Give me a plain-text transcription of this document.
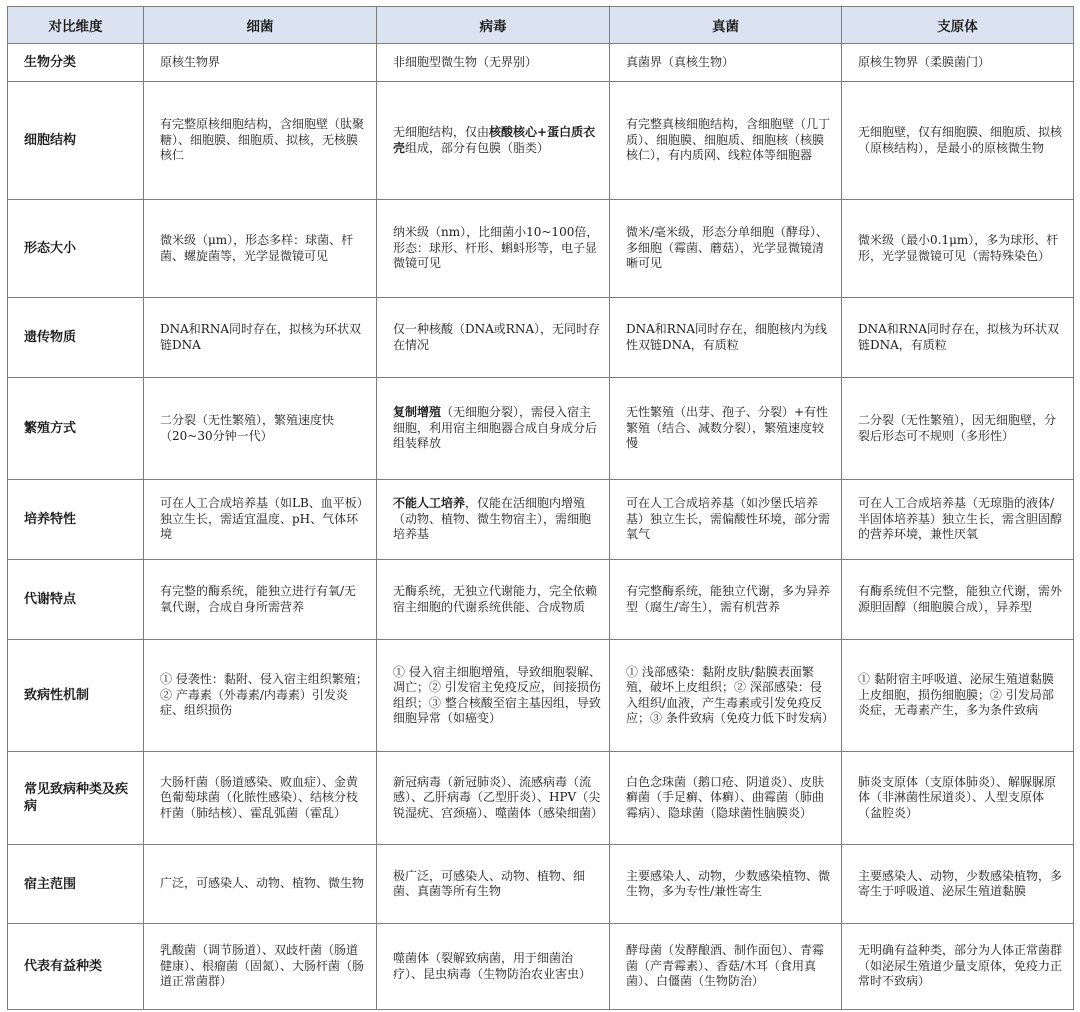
对比维度	细菌	病毒	真菌	支原体
生物分类	原核生物界	非细胞型微生物（无界别）	真菌界（真核生物）	原核生物界（柔膜菌门）
细胞结构	有完整原核细胞结构，含细胞壁（肽聚糖）、细胞膜、细胞质、拟核，无核膜核仁	无细胞结构，仅由核酸核心+蛋白质衣壳组成，部分有包膜（脂类）	有完整真核细胞结构，含细胞壁（几丁质）、细胞膜、细胞质、细胞核（核膜核仁），有内质网、线粒体等细胞器	无细胞壁，仅有细胞膜、细胞质、拟核（原核结构），是最小的原核微生物
形态大小	微米级（μm），形态多样：球菌、杆菌、螺旋菌等，光学显微镜可见	纳米级（nm），比细菌小10~100倍，形态：球形、杆形、蝌蚪形等，电子显微镜可见	微米/毫米级，形态分单细胞（酵母）、多细胞（霉菌、蘑菇），光学显微镜清晰可见	微米级（最小0.1μm），多为球形、杆形，光学显微镜可见（需特殊染色）
遗传物质	DNA和RNA同时存在，拟核为环状双链DNA	仅一种核酸（DNA或RNA），无同时存在情况	DNA和RNA同时存在，细胞核内为线性双链DNA，有质粒	DNA和RNA同时存在，拟核为环状双链DNA，有质粒
繁殖方式	二分裂（无性繁殖），繁殖速度快（20~30分钟一代）	复制增殖（无细胞分裂），需侵入宿主细胞，利用宿主细胞器合成自身成分后组装释放	无性繁殖（出芽、孢子、分裂）+有性繁殖（结合、减数分裂），繁殖速度较慢	二分裂（无性繁殖），因无细胞壁，分裂后形态可不规则（多形性）
培养特性	可在人工合成培养基（如LB、血平板）独立生长，需适宜温度、pH、气体环境	不能人工培养，仅能在活细胞内增殖（动物、植物、微生物宿主），需细胞培养基	可在人工合成培养基（如沙堡氏培养基）独立生长，需偏酸性环境，部分需氧气	可在人工合成培养基（无琼脂的液体/半固体培养基）独立生长，需含胆固醇的营养环境，兼性厌氧
代谢特点	有完整的酶系统，能独立进行有氧/无氧代谢，合成自身所需营养	无酶系统，无独立代谢能力，完全依赖宿主细胞的代谢系统供能、合成物质	有完整酶系统，能独立代谢，多为异养型（腐生/寄生），需有机营养	有酶系统但不完整，能独立代谢，需外源胆固醇（细胞膜合成），异养型
致病性机制	① 侵袭性：黏附、侵入宿主组织繁殖；② 产毒素（外毒素/内毒素）引发炎症、组织损伤	① 侵入宿主细胞增殖，导致细胞裂解、凋亡；② 引发宿主免疫反应，间接损伤组织；③ 整合核酸至宿主基因组，导致细胞异常（如癌变）	① 浅部感染：黏附皮肤/黏膜表面繁殖，破坏上皮组织；② 深部感染：侵入组织/血液，产生毒素或引发免疫反应；③ 条件致病（免疫力低下时发病）	① 黏附宿主呼吸道、泌尿生殖道黏膜上皮细胞，损伤细胞膜；② 引发局部炎症，无毒素产生，多为条件致病
常见致病种类及疾病	大肠杆菌（肠道感染、败血症）、金黄色葡萄球菌（化脓性感染）、结核分枝杆菌（肺结核）、霍乱弧菌（霍乱）	新冠病毒（新冠肺炎）、流感病毒（流感）、乙肝病毒（乙型肝炎）、HPV（尖锐湿疣、宫颈癌）、噬菌体（感染细菌）	白色念珠菌（鹅口疮、阴道炎）、皮肤癣菌（手足癣、体癣）、曲霉菌（肺曲霉病）、隐球菌（隐球菌性脑膜炎）	肺炎支原体（支原体肺炎）、解脲脲原体（非淋菌性尿道炎）、人型支原体（盆腔炎）
宿主范围	广泛，可感染人、动物、植物、微生物	极广泛，可感染人、动物、植物、细菌、真菌等所有生物	主要感染人、动物，少数感染植物、微生物，多为专性/兼性寄生	主要感染人、动物，少数感染植物，多寄生于呼吸道、泌尿生殖道黏膜
代表有益种类	乳酸菌（调节肠道）、双歧杆菌（肠道健康）、根瘤菌（固氮）、大肠杆菌（肠道正常菌群）	噬菌体（裂解致病菌，用于细菌治疗）、昆虫病毒（生物防治农业害虫）	酵母菌（发酵酿酒、制作面包）、青霉菌（产青霉素）、香菇/木耳（食用真菌）、白僵菌（生物防治）	无明确有益种类，部分为人体正常菌群（如泌尿生殖道少量支原体，免疫力正常时不致病）
